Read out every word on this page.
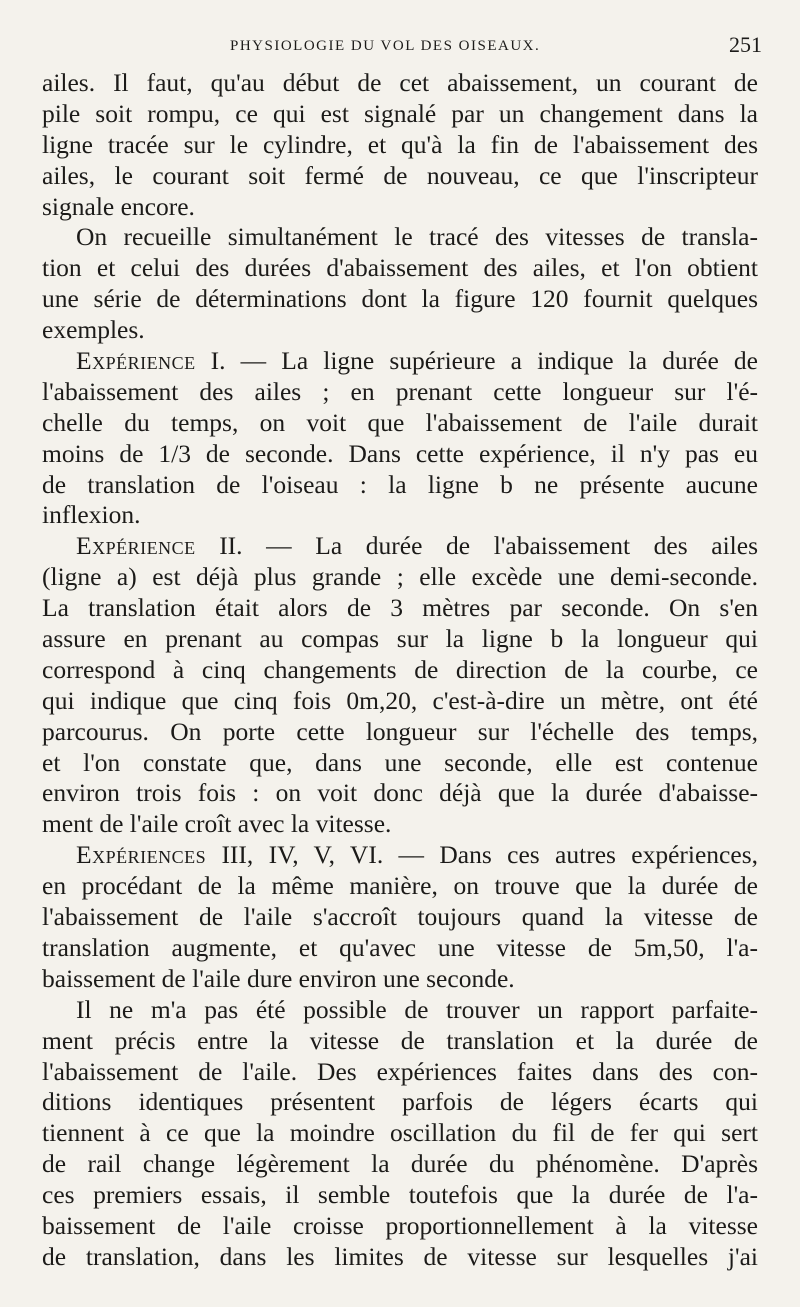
PHYSIOLOGIE DU VOL DES OISEAUX.	251
ailes. Il faut, qu'au début de cet abaissement, un courant de
pile soit rompu, ce qui est signalé par un changement dans la
ligne tracée sur le cylindre, et qu'à la fin de l'abaissement des
ailes, le courant soit fermé de nouveau, ce que l'inscripteur
signale encore.
On recueille simultanément le tracé des vitesses de transla-
tion et celui des durées d'abaissement des ailes, et l'on obtient
une série de déterminations dont la figure 120 fournit quelques
exemples.
Expérience I. — La ligne supérieure a indique la durée de
l'abaissement des ailes ; en prenant cette longueur sur l'é-
chelle du temps, on voit que l'abaissement de l'aile durait
moins de 1/3 de seconde. Dans cette expérience, il n'y pas eu
de translation de l'oiseau : la ligne b ne présente aucune
inflexion.
Expérience II. — La durée de l'abaissement des ailes
(ligne a) est déjà plus grande ; elle excède une demi-seconde.
La translation était alors de 3 mètres par seconde. On s'en
assure en prenant au compas sur la ligne b la longueur qui
correspond à cinq changements de direction de la courbe, ce
qui indique que cinq fois 0m,20, c'est-à-dire un mètre, ont été
parcourus. On porte cette longueur sur l'échelle des temps,
et l'on constate que, dans une seconde, elle est contenue
environ trois fois : on voit donc déjà que la durée d'abaisse-
ment de l'aile croît avec la vitesse.
Expériences III, IV, V, VI. — Dans ces autres expériences,
en procédant de la même manière, on trouve que la durée de
l'abaissement de l'aile s'accroît toujours quand la vitesse de
translation augmente, et qu'avec une vitesse de 5m,50, l'a-
baissement de l'aile dure environ une seconde.
Il ne m'a pas été possible de trouver un rapport parfaite-
ment précis entre la vitesse de translation et la durée de
l'abaissement de l'aile. Des expériences faites dans des con-
ditions identiques présentent parfois de légers écarts qui
tiennent à ce que la moindre oscillation du fil de fer qui sert
de rail change légèrement la durée du phénomène. D'après
ces premiers essais, il semble toutefois que la durée de l'a-
baissement de l'aile croisse proportionnellement à la vitesse
de translation, dans les limites de vitesse sur lesquelles j'ai
